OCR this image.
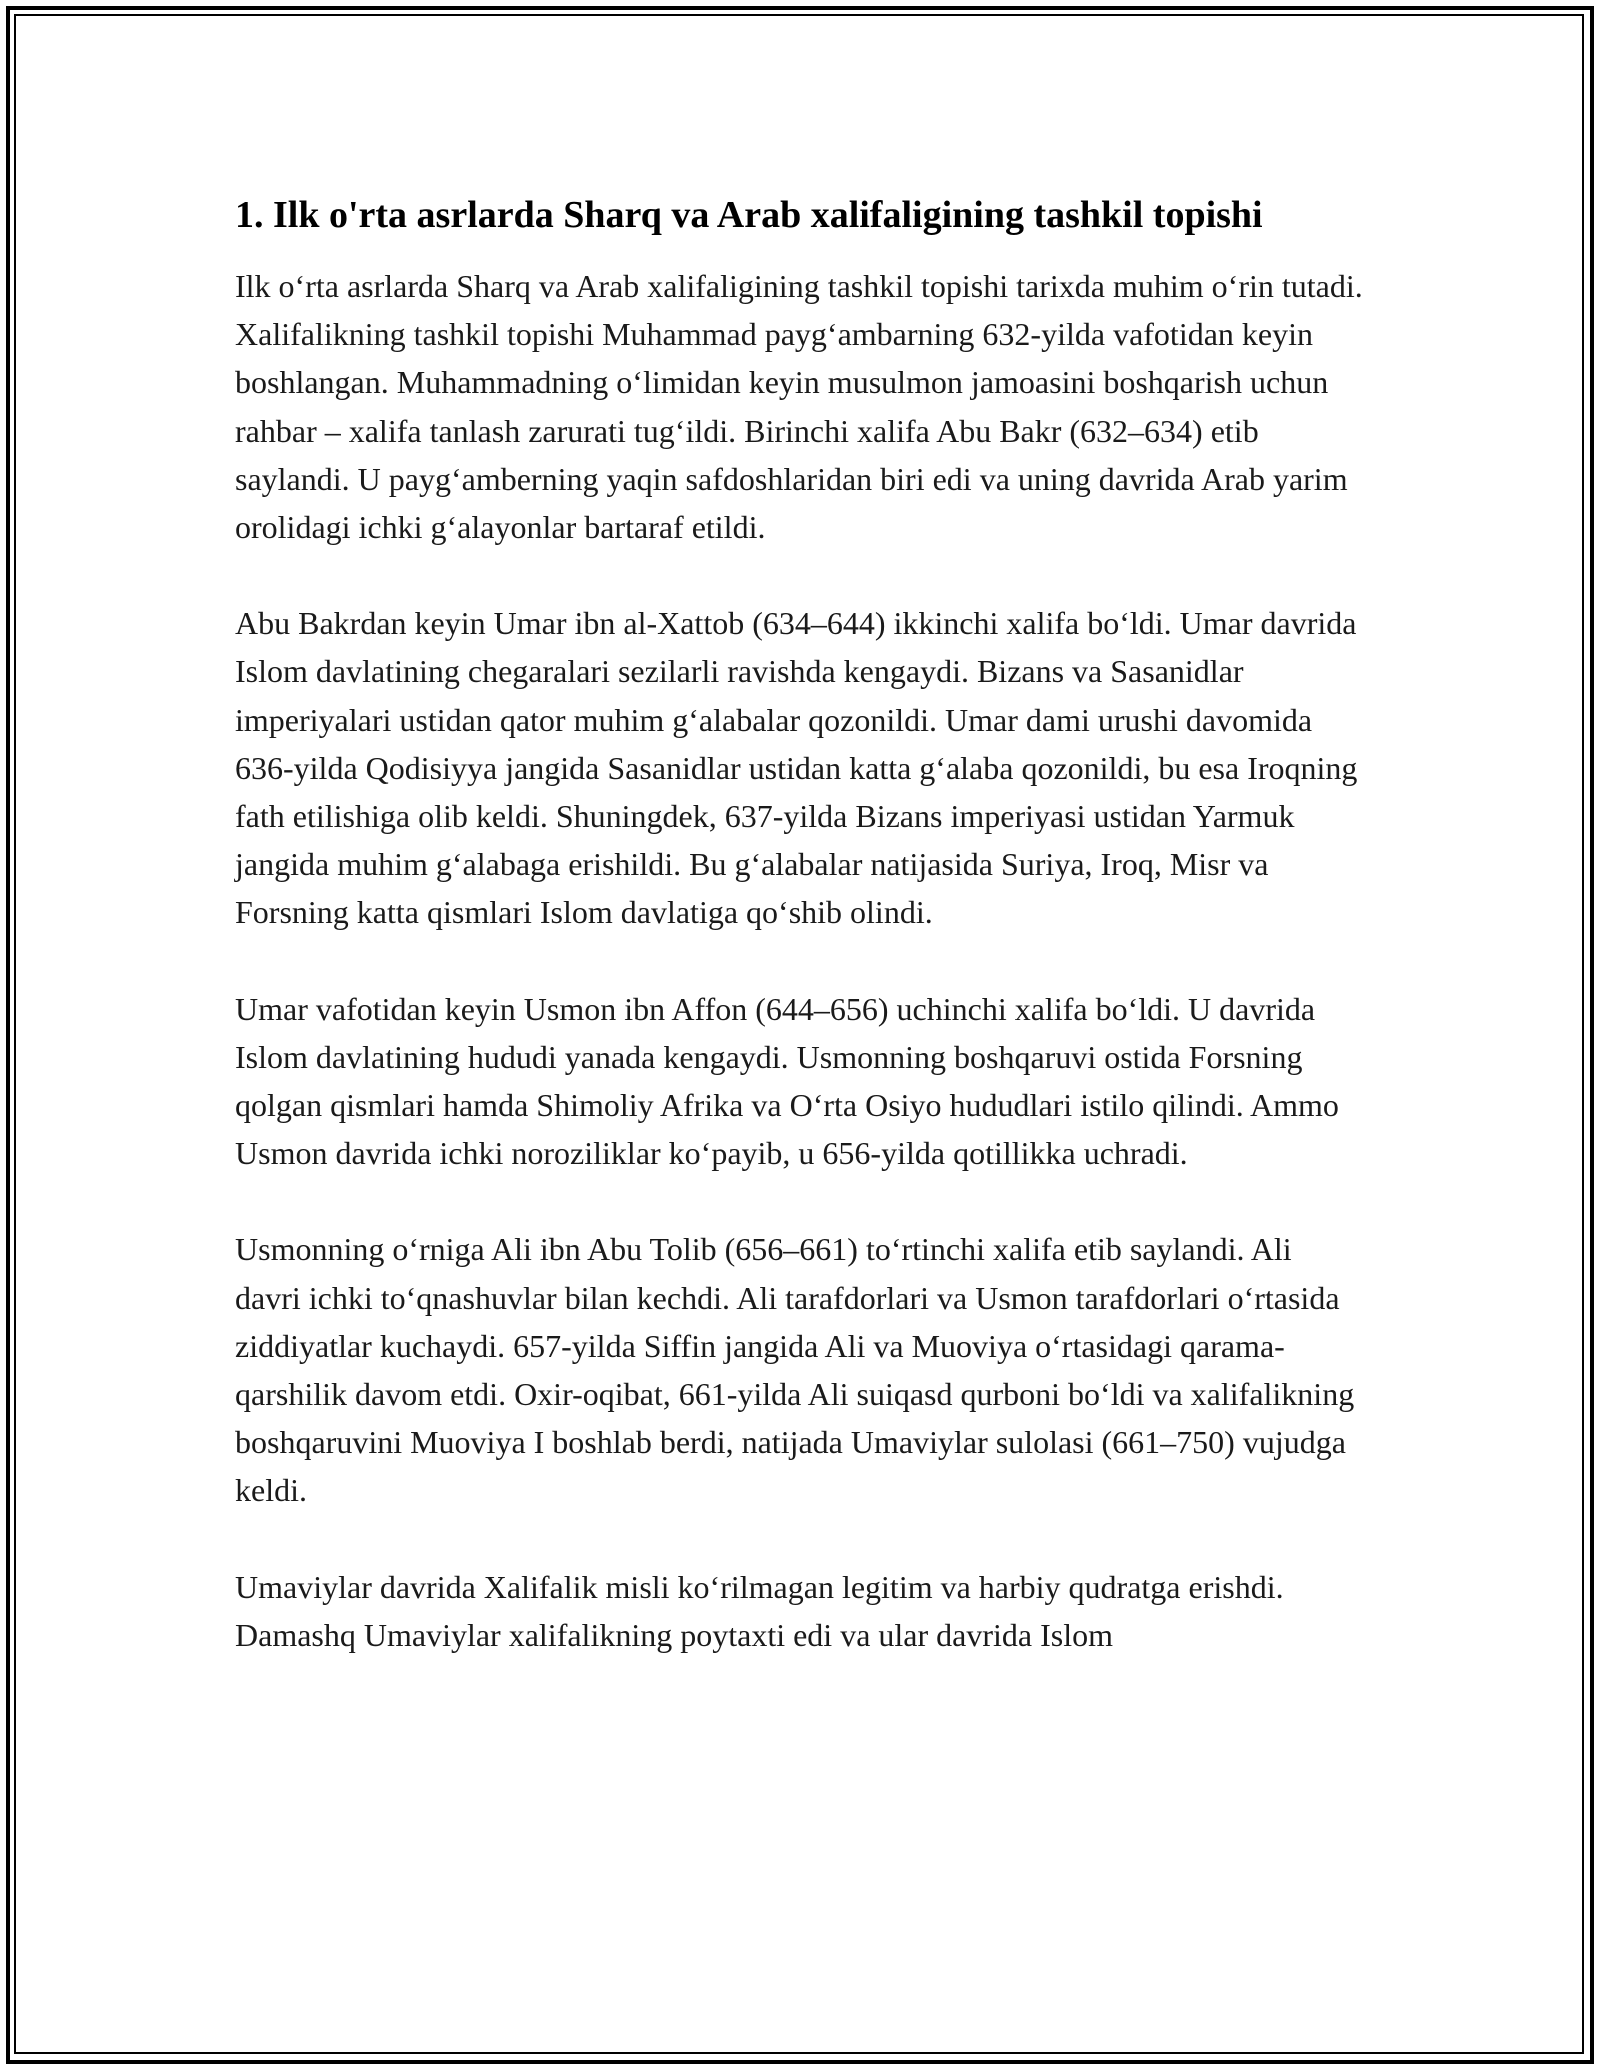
1. Ilk o'rta asrlarda Sharq va Arab xalifaligining tashkil topishi

Ilk o‘rta asrlarda Sharq va Arab xalifaligining tashkil topishi tarixda muhim o‘rin tutadi. Xalifalikning tashkil topishi Muhammad payg‘ambarning 632-yilda vafotidan keyin boshlangan. Muhammadning o‘limidan keyin musulmon jamoasini boshqarish uchun rahbar – xalifa tanlash zarurati tug‘ildi. Birinchi xalifa Abu Bakr (632–634) etib saylandi. U payg‘amberning yaqin safdoshlaridan biri edi va uning davrida Arab yarim orolidagi ichki g‘alayonlar bartaraf etildi.

Abu Bakrdan keyin Umar ibn al-Xattob (634–644) ikkinchi xalifa bo‘ldi. Umar davrida Islom davlatining chegaralari sezilarli ravishda kengaydi. Bizans va Sasanidlar imperiyalari ustidan qator muhim g‘alabalar qozonildi. Umar dami urushi davomida 636-yilda Qodisiyya jangida Sasanidlar ustidan katta g‘alaba qozonildi, bu esa Iroqning fath etilishiga olib keldi. Shuningdek, 637-yilda Bizans imperiyasi ustidan Yarmuk jangida muhim g‘alabaga erishildi. Bu g‘alabalar natijasida Suriya, Iroq, Misr va Forsning katta qismlari Islom davlatiga qo‘shib olindi.

Umar vafotidan keyin Usmon ibn Affon (644–656) uchinchi xalifa bo‘ldi. U davrida Islom davlatining hududi yanada kengaydi. Usmonning boshqaruvi ostida Forsning qolgan qismlari hamda Shimoliy Afrika va O‘rta Osiyo hududlari istilo qilindi. Ammo Usmon davrida ichki noroziliklar ko‘payib, u 656-yilda qotillikka uchradi.

Usmonning o‘rniga Ali ibn Abu Tolib (656–661) to‘rtinchi xalifa etib saylandi. Ali davri ichki to‘qnashuvlar bilan kechdi. Ali tarafdorlari va Usmon tarafdorlari o‘rtasida ziddiyatlar kuchaydi. 657-yilda Siffin jangida Ali va Muoviya o‘rtasidagi qarama-qarshilik davom etdi. Oxir-oqibat, 661-yilda Ali suiqasd qurboni bo‘ldi va xalifalikning boshqaruvini Muoviya I boshlab berdi, natijada Umaviylar sulolasi (661–750) vujudga keldi.

Umaviylar davrida Xalifalik misli ko‘rilmagan legitim va harbiy qudratga erishdi. Damashq Umaviylar xalifalikning poytaxti edi va ular davrida Islom
